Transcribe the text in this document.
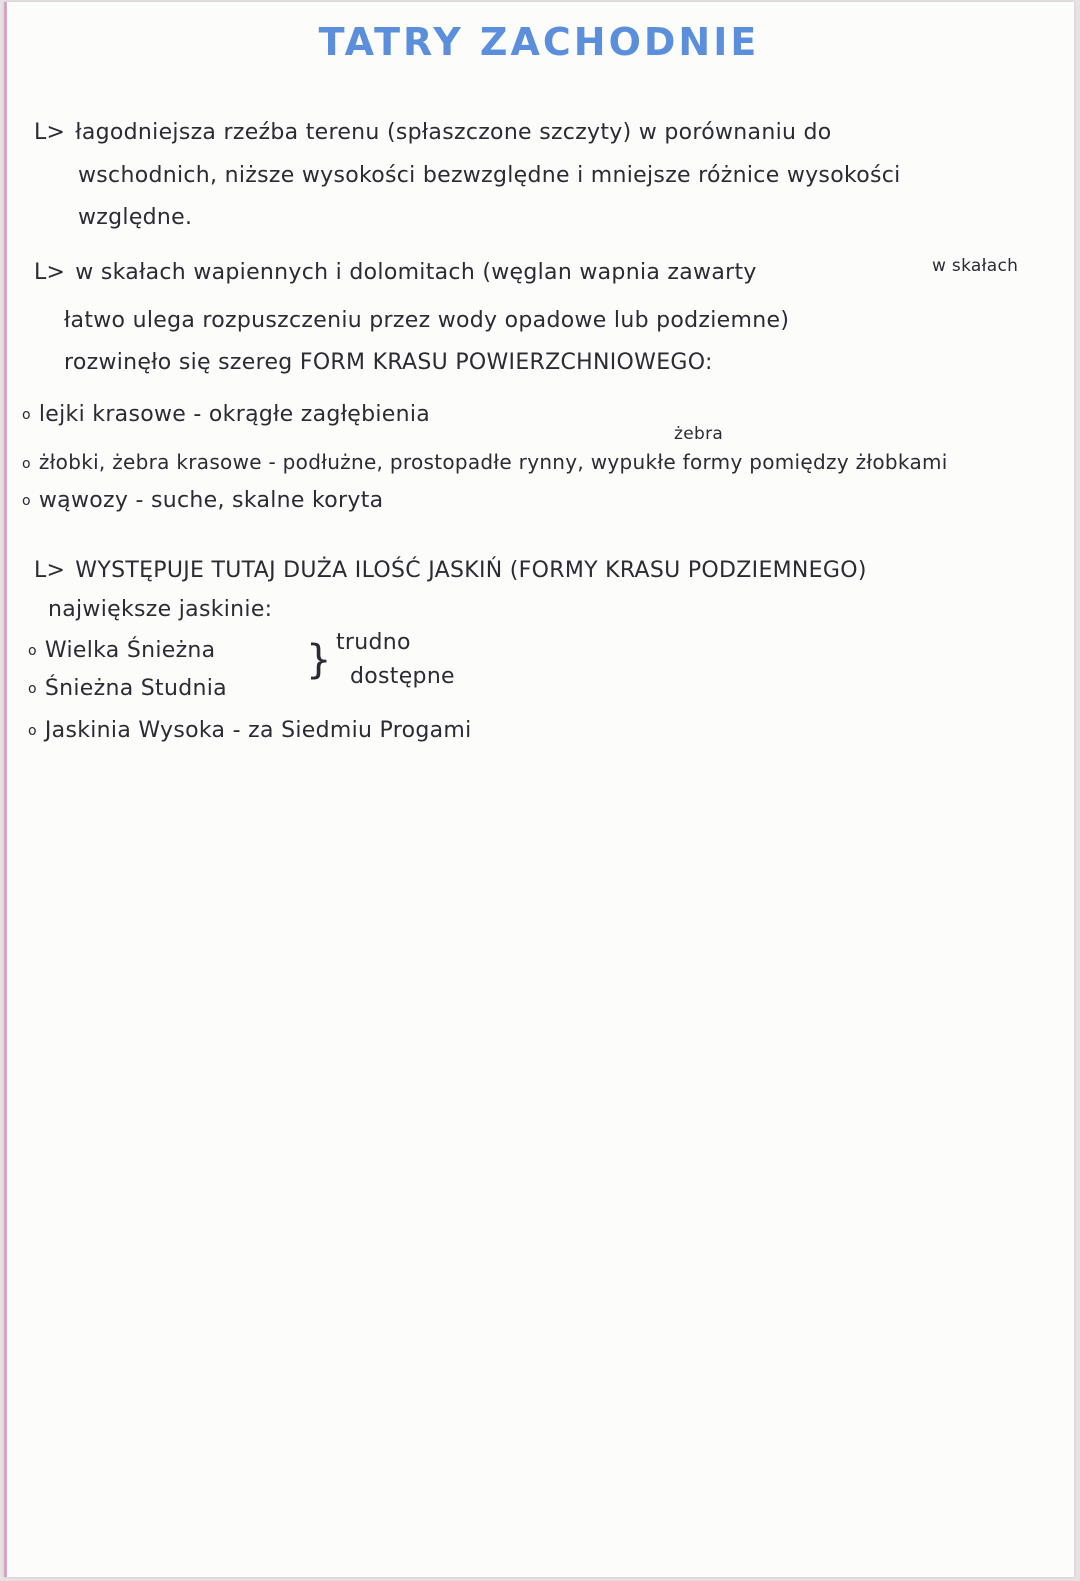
TATRY ZACHODNIE
L> łagodniejsza rzeźba terenu (spłaszczone szczyty) w porównaniu do
wschodnich, niższe wysokości bezwzględne i mniejsze różnice wysokości
względne.
L> w skałach wapiennych i dolomitach (węglan wapnia zawarty	w skałach
łatwo ulega rozpuszczeniu przez wody opadowe lub podziemne)
rozwinęło się szereg FORM KRASU POWIERZCHNIOWEGO:
o lejki krasowe - okrągłe zagłębienia
żebra
o żłobki, żebra krasowe - podłużne, prostopadłe rynny, wypukłe formy pomiędzy żłobkami
o wąwozy - suche, skalne koryta
L> WYSTĘPUJE TUTAJ DUŻA ILOŚĆ JASKIŃ (FORMY KRASU PODZIEMNEGO)
największe jaskinie:
o Wielka Śnieżna
o Śnieżna Studnia
} trudno
dostępne
o Jaskinia Wysoka - za Siedmiu Progami
